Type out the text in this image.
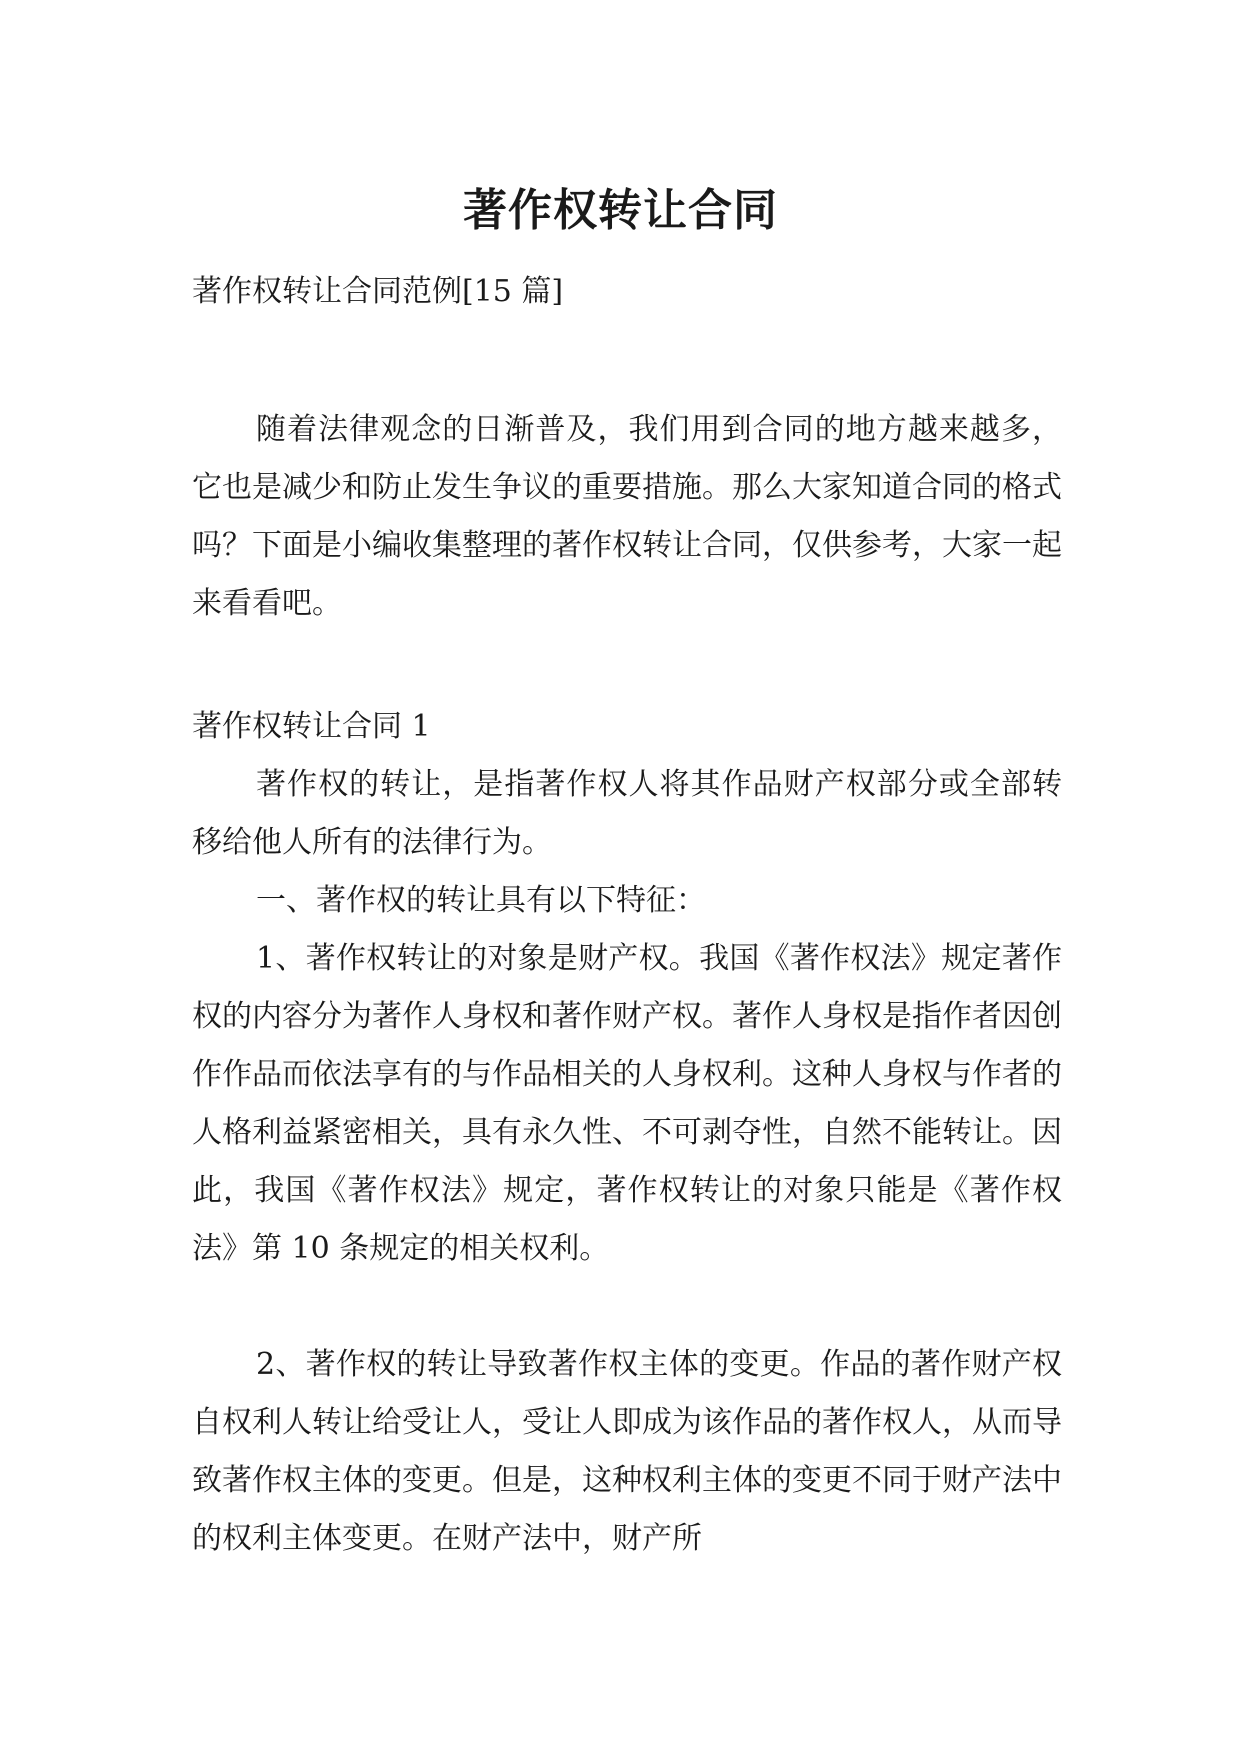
著作权转让合同

著作权转让合同范例[15 篇]

随着法律观念的日渐普及，我们用到合同的地方越来越多，它也是减少和防止发生争议的重要措施。那么大家知道合同的格式吗？下面是小编收集整理的著作权转让合同，仅供参考，大家一起来看看吧。

著作权转让合同 1

著作权的转让，是指著作权人将其作品财产权部分或全部转移给他人所有的法律行为。

一、著作权的转让具有以下特征：

1、著作权转让的对象是财产权。我国《著作权法》规定著作权的内容分为著作人身权和著作财产权。著作人身权是指作者因创作作品而依法享有的与作品相关的人身权利。这种人身权与作者的人格利益紧密相关，具有永久性、不可剥夺性，自然不能转让。因此，我国《著作权法》规定，著作权转让的对象只能是《著作权法》第 10 条规定的相关权利。

2、著作权的转让导致著作权主体的变更。作品的著作财产权自权利人转让给受让人，受让人即成为该作品的著作权人，从而导致著作权主体的变更。但是，这种权利主体的变更不同于财产法中的权利主体变更。在财产法中，财产所
